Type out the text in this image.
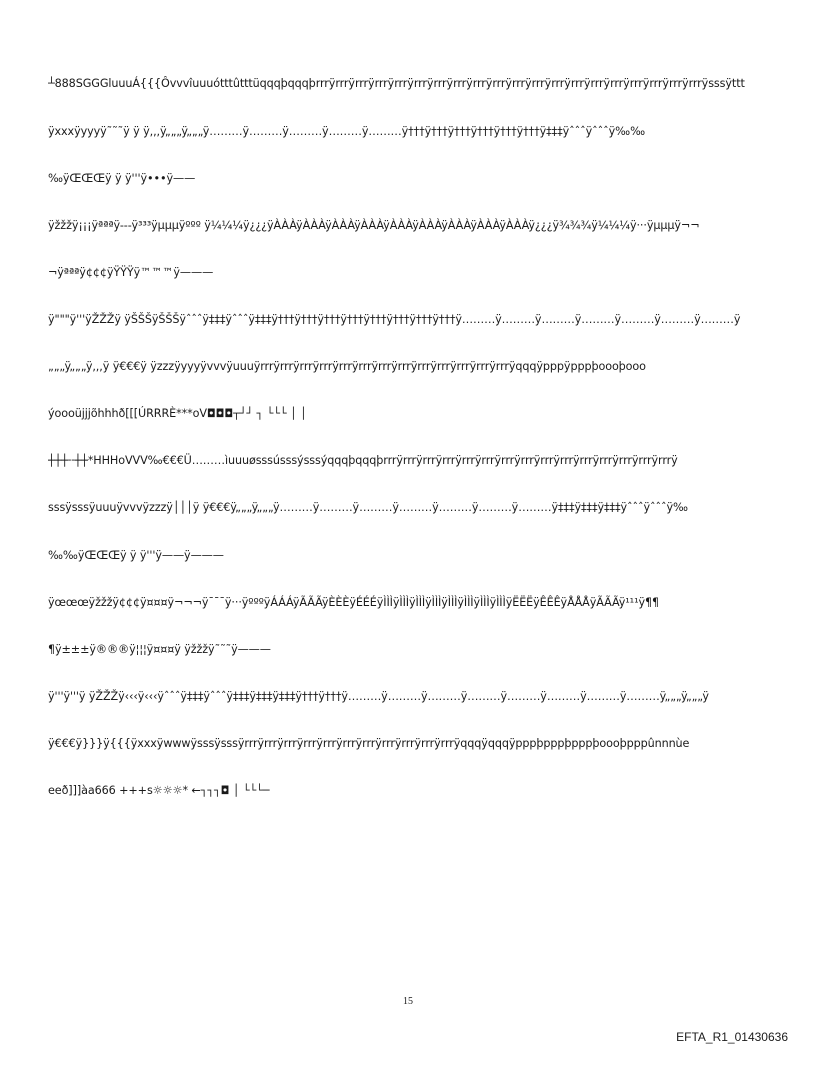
┴888SGGGluuuÁ{{{Ôvvvîuuuótttûtttüqqqþqqqþrrrÿrrrÿrrrÿrrrÿrrrÿrrrÿrrrÿrrrÿrrrÿrrrÿrrrÿrrrÿrrrÿrrrÿrrrÿrrrÿrrrÿrrrÿrrrÿrrrÿsssÿttt

ÿxxxÿyyyÿ˜˜˜ÿ ÿ ÿ,,,ÿ„„„ÿ„„„ÿ………ÿ………ÿ………ÿ………ÿ………ÿ†††ÿ†††ÿ†††ÿ†††ÿ†††ÿ†††ÿ‡‡‡ÿˆˆˆÿˆˆˆÿ‰‰

‰ÿŒŒŒÿ ÿ ÿ'''ÿ•••ÿ——

ÿžžžÿ¡¡¡ÿªªªÿ---ÿ³³³ÿµµµÿººº ÿ¼¼¼ÿ¿¿¿ÿÀÀÀÿÀÀÀÿÀÀÀÿÀÀÀÿÀÀÀÿÀÀÀÿÀÀÀÿÀÀÀÿÀÀÀÿ¿¿¿ÿ¾¾¾ÿ¼¼¼ÿ···ÿµµµÿ¬¬

¬ÿªªªÿ¢¢¢ÿŸŸŸÿ™™™ÿ———

ÿ"""ÿ'''ÿŽŽŽÿ ÿŠŠŠÿŠŠŠÿˆˆˆÿ‡‡‡ÿˆˆˆÿ‡‡‡ÿ†††ÿ†††ÿ†††ÿ†††ÿ†††ÿ†††ÿ†††ÿ†††ÿ………ÿ………ÿ………ÿ………ÿ………ÿ………ÿ………ÿ

„„„ÿ„„„ÿ,,,ÿ ÿ€€€ÿ ÿzzzÿyyyÿvvvÿuuuÿrrrÿrrrÿrrrÿrrrÿrrrÿrrrÿrrrÿrrrÿrrrÿrrrÿrrrÿrrrÿrrrÿqqqÿpppÿpppþoooþooo

ýoooüjjjõhhhð[[[ÚRRRÈ***oV◘◘◘┬┘┘ ┐ └└└ │ │

┼┼┼╌┼┼*HHHoVVV‰€€€Ü………ìuuuøsssússsýsssýqqqþqqqþrrrÿrrrÿrrrÿrrrÿrrrÿrrrÿrrrÿrrrÿrrrÿrrrÿrrrÿrrrÿrrrÿrrrÿrrrÿ

sssÿsssÿuuuÿvvvÿzzzÿ│││ÿ ÿ€€€ÿ„„„ÿ„„„ÿ………ÿ………ÿ………ÿ………ÿ………ÿ………ÿ………ÿ‡‡‡ÿ‡‡‡ÿ‡‡‡ÿˆˆˆÿˆˆˆÿ‰

‰‰ÿŒŒŒÿ ÿ ÿ'''ÿ——ÿ———

ÿœœœÿžžžÿ¢¢¢ÿ¤¤¤ÿ¬¬¬ÿ¯¯¯ÿ···ÿºººÿÁÁÁÿÃÃÃÿÈÈÈÿÉÉÉÿÌÌÌÿÌÌÌÿÌÌÌÿÌÌÌÿÌÌÌÿÌÌÌÿÌÌÌÿÌÌÌÿËËËÿÊÊÊÿÅÅÅÿÃÃÃÿ¹¹¹ÿ¶¶

¶ÿ±±±ÿ®®®ÿ¦¦¦ÿ¤¤¤ÿ ÿžžžÿ˜˜˜ÿ———

ÿ'''ÿ'''ÿ ÿŽŽŽÿ‹‹‹ÿ‹‹‹ÿˆˆˆÿ‡‡‡ÿˆˆˆÿ‡‡‡ÿ‡‡‡ÿ‡‡‡ÿ†††ÿ†††ÿ………ÿ………ÿ………ÿ………ÿ………ÿ………ÿ………ÿ………ÿ„„„ÿ„„„ÿ

ÿ€€€ÿ}}}ÿ{{{ÿxxxÿwwwÿsssÿsssÿrrrÿrrrÿrrrÿrrrÿrrrÿrrrÿrrrÿrrrÿrrrÿrrrÿrrrÿqqqÿqqqÿpppþpppþpppþoooþpppûnnnùe

eeð]]]àa666 +++s☼☼☼* ←┐┐┐◘ │ └└└─

15
EFTA_R1_01430636
